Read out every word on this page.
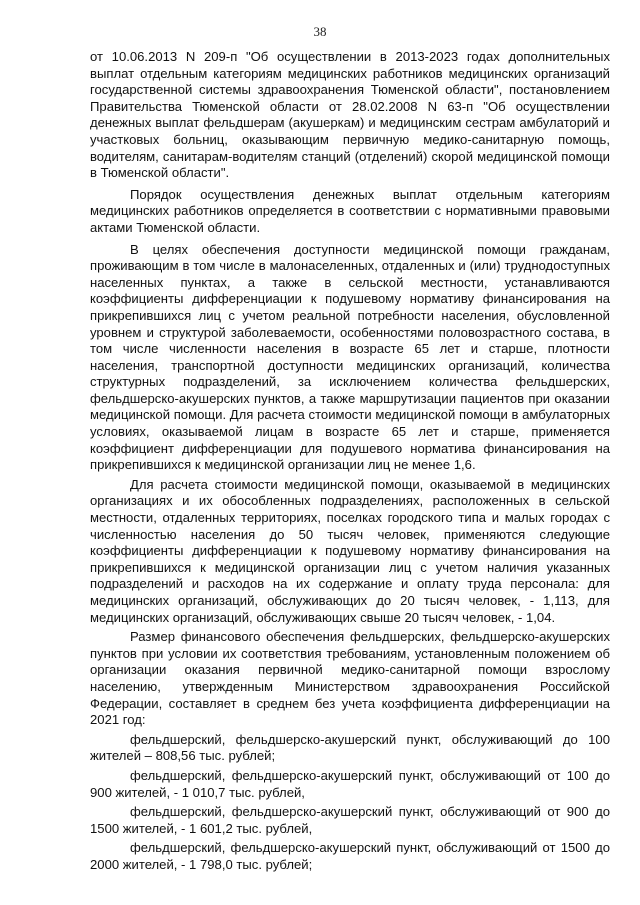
38

от 10.06.2013 N 209-п "Об осуществлении в 2013-2023 годах дополнительных выплат отдельным категориям медицинских работников медицинских организаций государственной системы здравоохранения Тюменской области", постановлением Правительства Тюменской области от 28.02.2008 N 63-п "Об осуществлении денежных выплат фельдшерам (акушеркам) и медицинским сестрам амбулаторий и участковых больниц, оказывающим первичную медико-санитарную помощь, водителям, санитарам-водителям станций (отделений) скорой медицинской помощи в Тюменской области".

Порядок осуществления денежных выплат отдельным категориям медицинских работников определяется в соответствии с нормативными правовыми актами Тюменской области.

В целях обеспечения доступности медицинской помощи гражданам, проживающим в том числе в малонаселенных, отдаленных и (или) труднодоступных населенных пунктах, а также в сельской местности, устанавливаются коэффициенты дифференциации к подушевому нормативу финансирования на прикрепившихся лиц с учетом реальной потребности населения, обусловленной уровнем и структурой заболеваемости, особенностями половозрастного состава, в том числе численности населения в возрасте 65 лет и старше, плотности населения, транспортной доступности медицинских организаций, количества структурных подразделений, за исключением количества фельдшерских, фельдшерско-акушерских пунктов, а также маршрутизации пациентов при оказании медицинской помощи. Для расчета стоимости медицинской помощи в амбулаторных условиях, оказываемой лицам в возрасте 65 лет и старше, применяется коэффициент дифференциации для подушевого норматива финансирования на прикрепившихся к медицинской организации лиц не менее 1,6.

Для расчета стоимости медицинской помощи, оказываемой в медицинских организациях и их обособленных подразделениях, расположенных в сельской местности, отдаленных территориях, поселках городского типа и малых городах с численностью населения до 50 тысяч человек, применяются следующие коэффициенты дифференциации к подушевому нормативу финансирования на прикрепившихся к медицинской организации лиц с учетом наличия указанных подразделений и расходов на их содержание и оплату труда персонала: для медицинских организаций, обслуживающих до 20 тысяч человек, - 1,113, для медицинских организаций, обслуживающих свыше 20 тысяч человек, - 1,04.

Размер финансового обеспечения фельдшерских, фельдшерско-акушерских пунктов при условии их соответствия требованиям, установленным положением об организации оказания первичной медико-санитарной помощи взрослому населению, утвержденным Министерством здравоохранения Российской Федерации, составляет в среднем без учета коэффициента дифференциации на 2021 год:

фельдшерский, фельдшерско-акушерский пункт, обслуживающий до 100 жителей – 808,56 тыс. рублей;

фельдшерский, фельдшерско-акушерский пункт, обслуживающий от 100 до 900 жителей, - 1 010,7 тыс. рублей,

фельдшерский, фельдшерско-акушерский пункт, обслуживающий от 900 до 1500 жителей, - 1 601,2 тыс. рублей,

фельдшерский, фельдшерско-акушерский пункт, обслуживающий от 1500 до 2000 жителей, - 1 798,0 тыс. рублей;
